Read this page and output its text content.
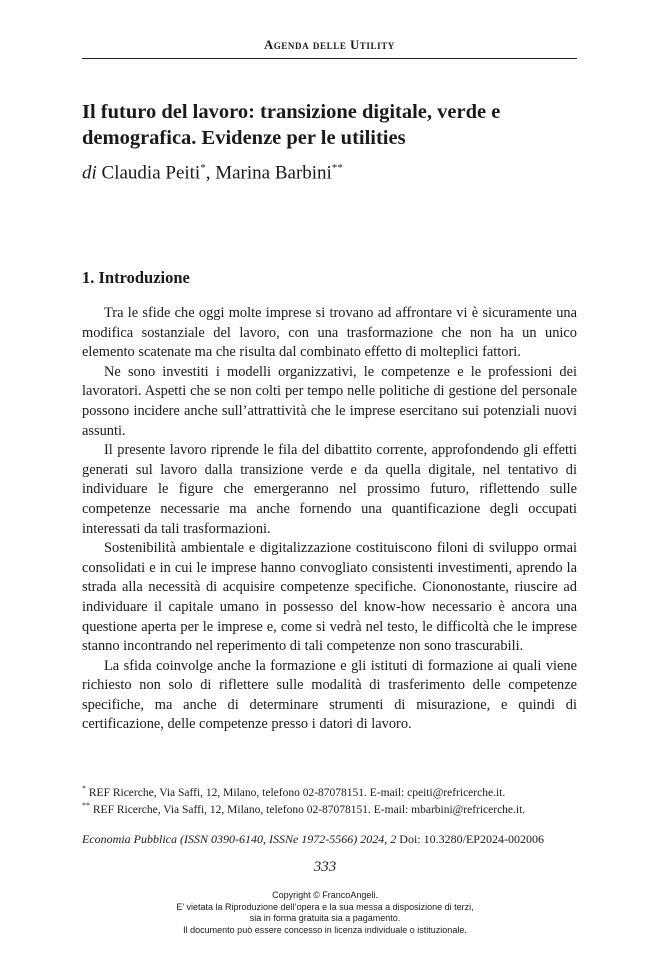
Agenda delle Utility
Il futuro del lavoro: transizione digitale, verde e demografica. Evidenze per le utilities
di Claudia Peiti*, Marina Barbini**
1. Introduzione

Tra le sfide che oggi molte imprese si trovano ad affrontare vi è sicuramente una modifica sostanziale del lavoro, con una trasformazione che non ha un unico elemento scatenate ma che risulta dal combinato effetto di molteplici fattori.

Ne sono investiti i modelli organizzativi, le competenze e le professioni dei lavoratori. Aspetti che se non colti per tempo nelle politiche di gestione del personale possono incidere anche sull’attrattività che le imprese esercitano sui potenziali nuovi assunti.

Il presente lavoro riprende le fila del dibattito corrente, approfondendo gli effetti generati sul lavoro dalla transizione verde e da quella digitale, nel tentativo di individuare le figure che emergeranno nel prossimo futuro, riflettendo sulle competenze necessarie ma anche fornendo una quantificazione degli occupati interessati da tali trasformazioni.

Sostenibilità ambientale e digitalizzazione costituiscono filoni di sviluppo ormai consolidati e in cui le imprese hanno convogliato consistenti investimenti, aprendo la strada alla necessità di acquisire competenze specifiche. Ciononostante, riuscire ad individuare il capitale umano in possesso del know-how necessario è ancora una questione aperta per le imprese e, come si vedrà nel testo, le difficoltà che le imprese stanno incontrando nel reperimento di tali competenze non sono trascurabili.

La sfida coinvolge anche la formazione e gli istituti di formazione ai quali viene richiesto non solo di riflettere sulle modalità di trasferimento delle competenze specifiche, ma anche di determinare strumenti di misurazione, e quindi di certificazione, delle competenze presso i datori di lavoro.

* REF Ricerche, Via Saffi, 12, Milano, telefono 02-87078151. E-mail: cpeiti@refricerche.it.
** REF Ricerche, Via Saffi, 12, Milano, telefono 02-87078151. E-mail: mbarbini@refricerche.it.
Economia Pubblica (ISSN 0390-6140, ISSNe 1972-5566) 2024, 2 Doi: 10.3280/EP2024-002006
333
Copyright © FrancoAngeli.
E’ vietata la Riproduzione dell’opera e la sua messa a disposizione di terzi,
sia in forma gratuita sia a pagamento.
Il documento può essere concesso in licenza individuale o istituzionale.
